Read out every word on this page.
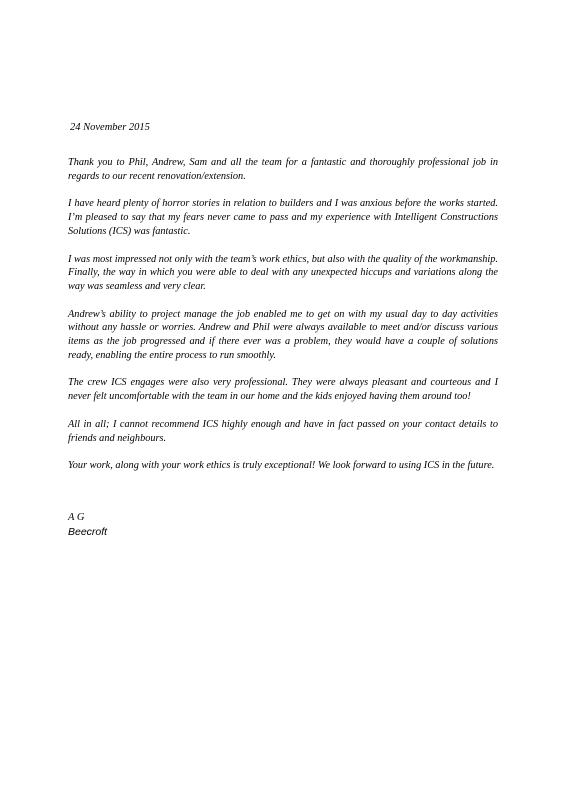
24 November 2015

Thank you to Phil, Andrew, Sam and all the team for a fantastic and thoroughly professional job in regards to our recent renovation/extension.

I have heard plenty of horror stories in relation to builders and I was anxious before the works started. I’m pleased to say that my fears never came to pass and my experience with Intelligent Constructions Solutions (ICS) was fantastic.

I was most impressed not only with the team’s work ethics, but also with the quality of the workmanship. Finally, the way in which you were able to deal with any unexpected hiccups and variations along the way was seamless and very clear.

Andrew’s ability to project manage the job enabled me to get on with my usual day to day activities without any hassle or worries. Andrew and Phil were always available to meet and/or discuss various items as the job progressed and if there ever was a problem, they would have a couple of solutions ready, enabling the entire process to run smoothly.

The crew ICS engages were also very professional. They were always pleasant and courteous and I never felt uncomfortable with the team in our home and the kids enjoyed having them around too!

All in all; I cannot recommend ICS highly enough and have in fact passed on your contact details to friends and neighbours.

Your work, along with your work ethics is truly exceptional! We look forward to using ICS in the future.

A G
Beecroft
